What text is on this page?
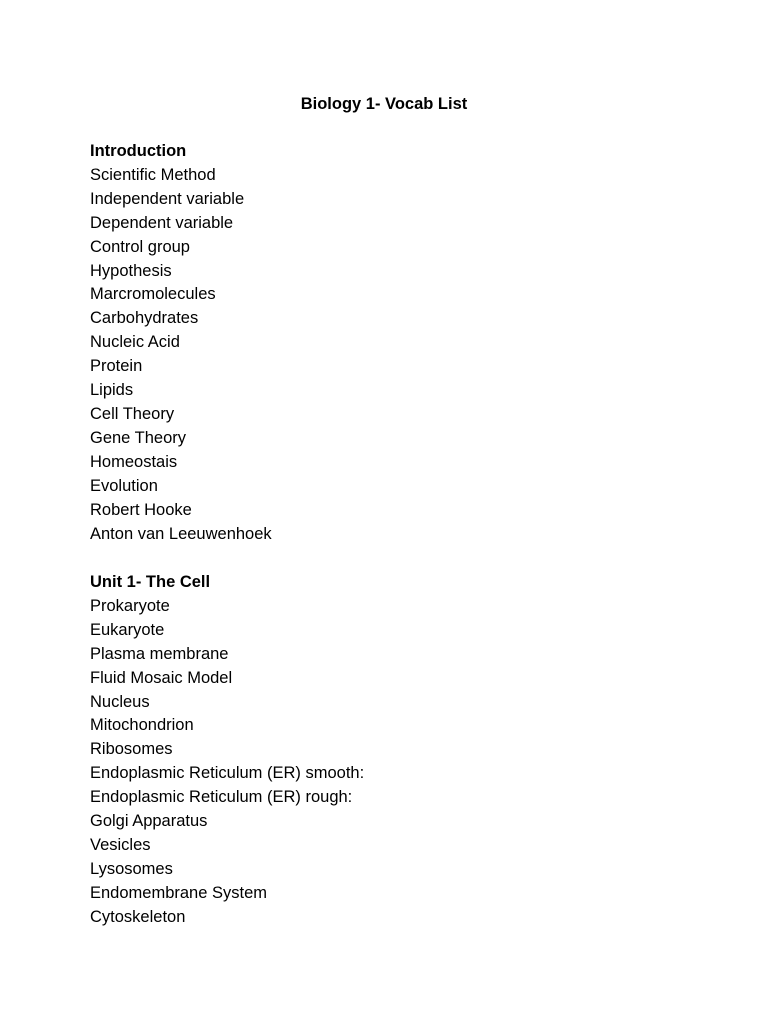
Biology 1- Vocab List
Introduction
Scientific Method
Independent variable
Dependent variable
Control group
Hypothesis
Marcromolecules
Carbohydrates
Nucleic Acid
Protein
Lipids
Cell Theory
Gene Theory
Homeostais
Evolution
Robert Hooke
Anton van Leeuwenhoek
Unit 1- The Cell
Prokaryote
Eukaryote
Plasma membrane
Fluid Mosaic Model
Nucleus
Mitochondrion
Ribosomes
Endoplasmic Reticulum (ER) smooth:
Endoplasmic Reticulum (ER) rough:
Golgi Apparatus
Vesicles
Lysosomes
Endomembrane System
Cytoskeleton
